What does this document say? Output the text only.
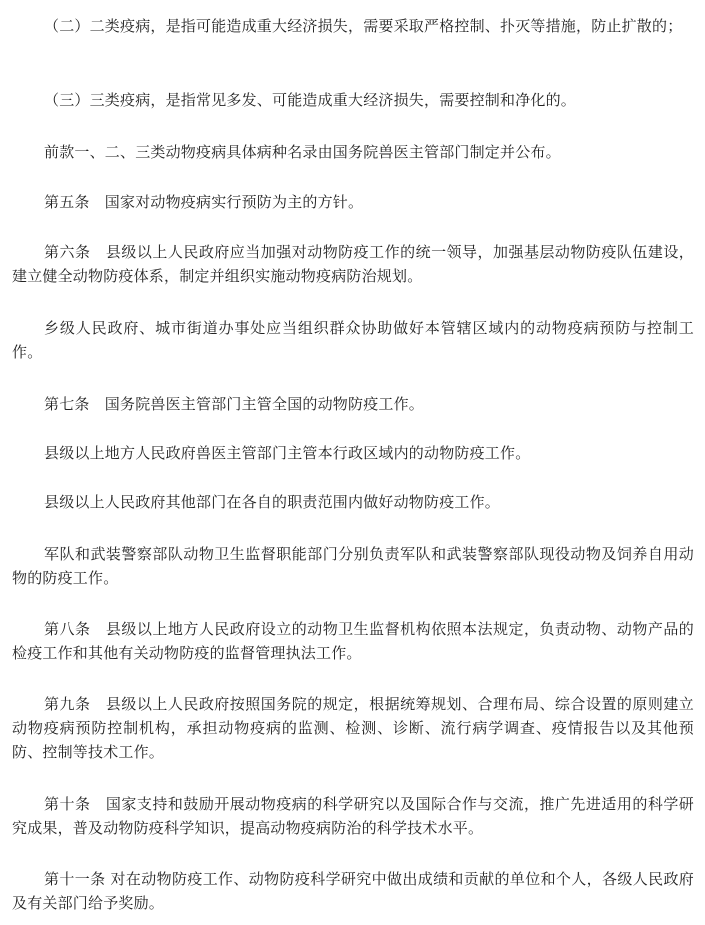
（二）二类疫病，是指可能造成重大经济损失，需要采取严格控制、扑灭等措施，防止扩散的；

（三）三类疫病，是指常见多发、可能造成重大经济损失，需要控制和净化的。

前款一、二、三类动物疫病具体病种名录由国务院兽医主管部门制定并公布。

第五条　国家对动物疫病实行预防为主的方针。

第六条　县级以上人民政府应当加强对动物防疫工作的统一领导，加强基层动物防疫队伍建设，建立健全动物防疫体系，制定并组织实施动物疫病防治规划。

乡级人民政府、城市街道办事处应当组织群众协助做好本管辖区域内的动物疫病预防与控制工作。

第七条　国务院兽医主管部门主管全国的动物防疫工作。

县级以上地方人民政府兽医主管部门主管本行政区域内的动物防疫工作。

县级以上人民政府其他部门在各自的职责范围内做好动物防疫工作。

军队和武装警察部队动物卫生监督职能部门分别负责军队和武装警察部队现役动物及饲养自用动物的防疫工作。

第八条　县级以上地方人民政府设立的动物卫生监督机构依照本法规定，负责动物、动物产品的检疫工作和其他有关动物防疫的监督管理执法工作。

第九条　县级以上人民政府按照国务院的规定，根据统筹规划、合理布局、综合设置的原则建立动物疫病预防控制机构，承担动物疫病的监测、检测、诊断、流行病学调查、疫情报告以及其他预防、控制等技术工作。

第十条　国家支持和鼓励开展动物疫病的科学研究以及国际合作与交流，推广先进适用的科学研究成果，普及动物防疫科学知识，提高动物疫病防治的科学技术水平。

第十一条 对在动物防疫工作、动物防疫科学研究中做出成绩和贡献的单位和个人，各级人民政府及有关部门给予奖励。
